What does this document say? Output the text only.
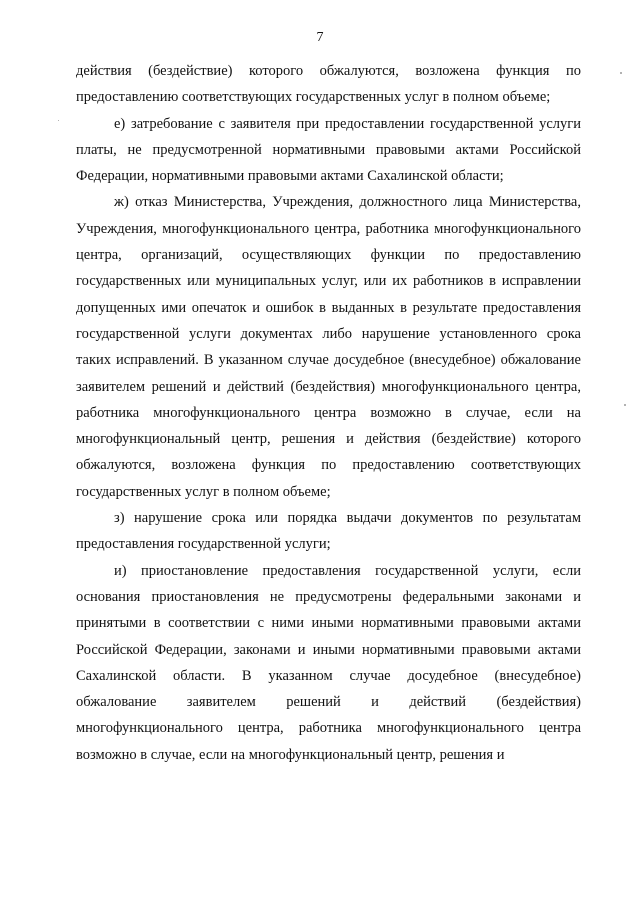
7

действия (бездействие) которого обжалуются, возложена функция по предоставлению соответствующих государственных услуг в полном объеме;

е) затребование с заявителя при предоставлении государственной услуги платы, не предусмотренной нормативными правовыми актами Российской Федерации, нормативными правовыми актами Сахалинской области;

ж) отказ Министерства, Учреждения, должностного лица Министерства, Учреждения, многофункционального центра, работника многофункционального центра, организаций, осуществляющих функции по предоставлению государственных или муниципальных услуг, или их работников в исправлении допущенных ими опечаток и ошибок в выданных в результате предоставления государственной услуги документах либо нарушение установленного срока таких исправлений. В указанном случае досудебное (внесудебное) обжалование заявителем решений и действий (бездействия) многофункционального центра, работника многофункционального центра возможно в случае, если на многофункциональный центр, решения и действия (бездействие) которого обжалуются, возложена функция по предоставлению соответствующих государственных услуг в полном объеме;

з) нарушение срока или порядка выдачи документов по результатам предоставления государственной услуги;

и) приостановление предоставления государственной услуги, если основания приостановления не предусмотрены федеральными законами и принятыми в соответствии с ними иными нормативными правовыми актами Российской Федерации, законами и иными нормативными правовыми актами Сахалинской области. В указанном случае досудебное (внесудебное) обжалование заявителем решений и действий (бездействия) многофункционального центра, работника многофункционального центра возможно в случае, если на многофункциональный центр, решения и
